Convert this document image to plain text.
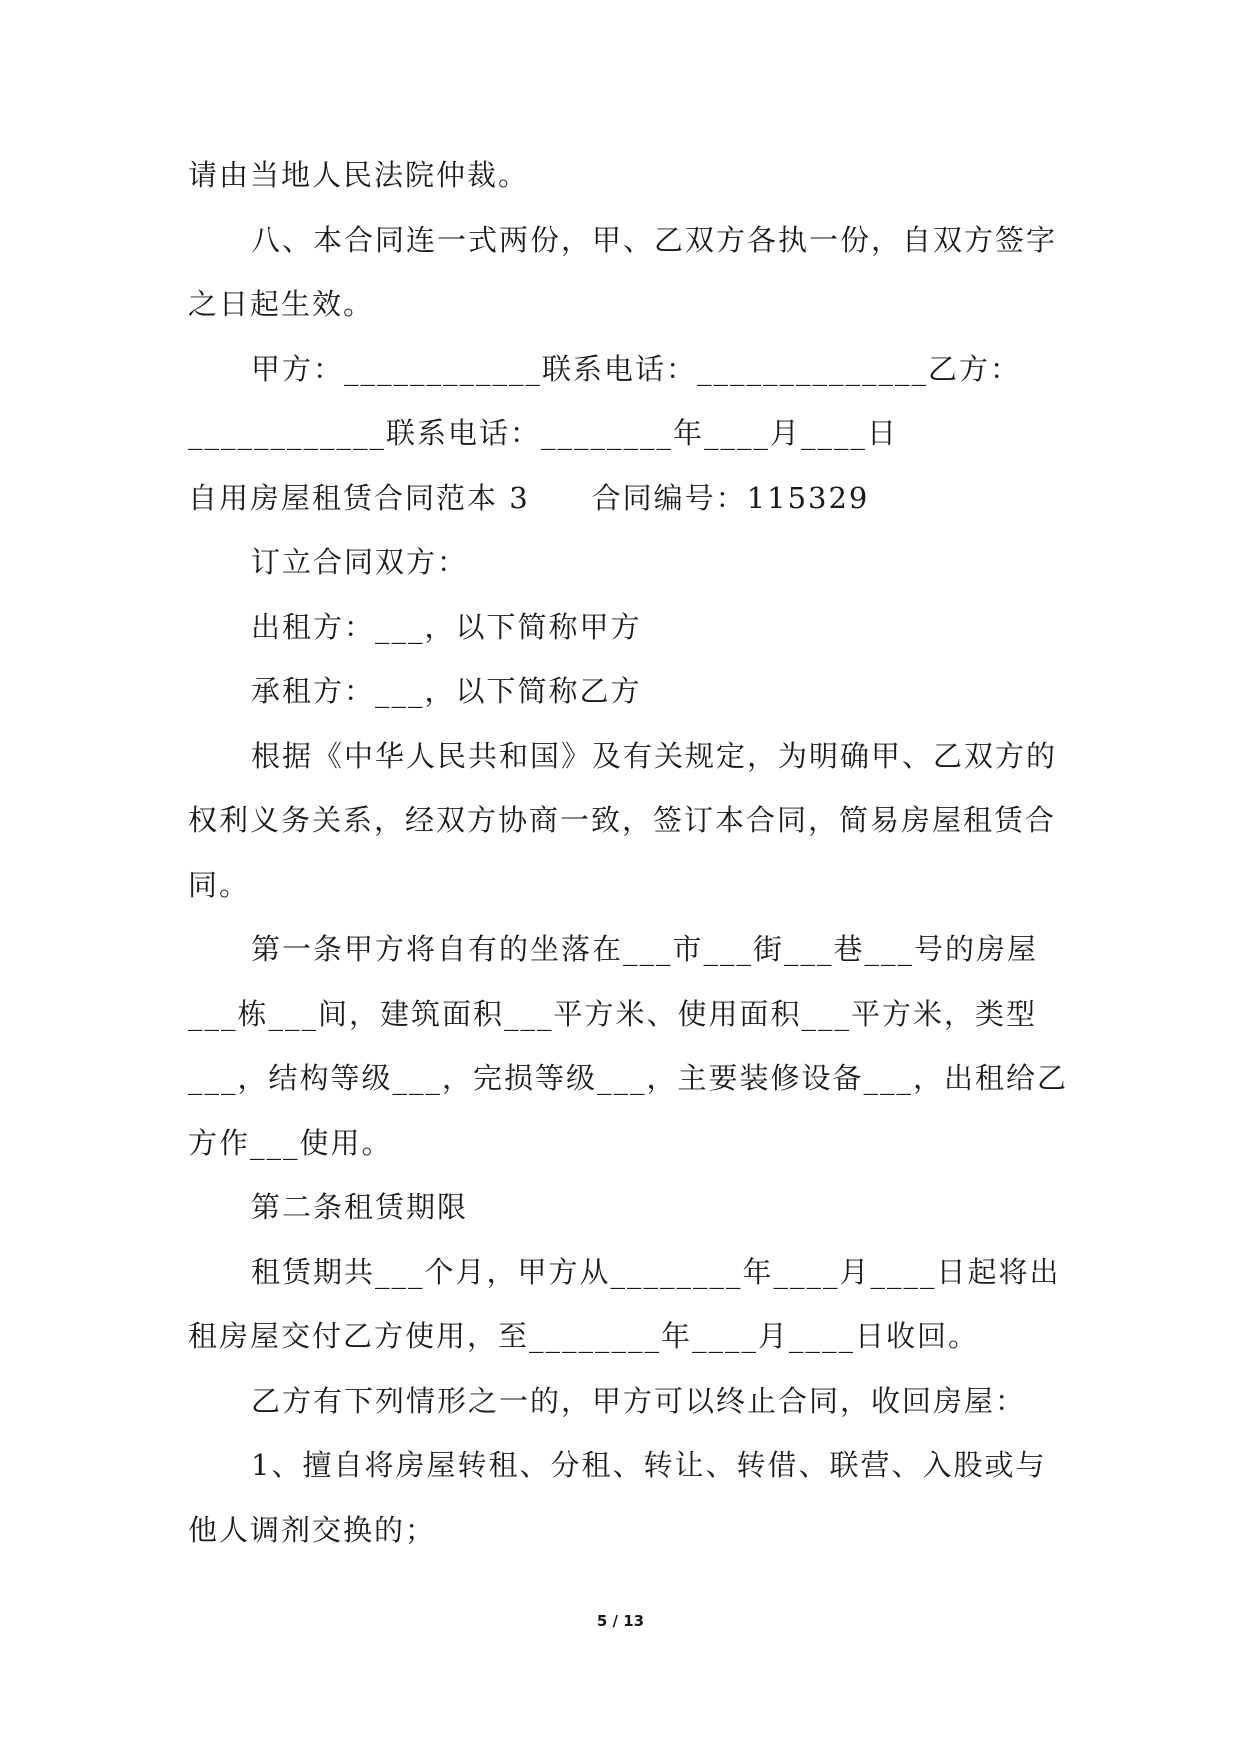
请由当地人民法院仲裁。
八、本合同连一式两份，甲、乙双方各执一份，自双方签字
之日起生效。
甲方：____________联系电话：______________乙方：
____________联系电话：________年____月____日
自用房屋租赁合同范本 3　　合同编号：115329
订立合同双方：
出租方：___，以下简称甲方
承租方：___，以下简称乙方
根据《中华人民共和国》及有关规定，为明确甲、乙双方的
权利义务关系，经双方协商一致，签订本合同，简易房屋租赁合
同。
第一条甲方将自有的坐落在___市___街___巷___号的房屋
___栋___间，建筑面积___平方米、使用面积___平方米，类型
___，结构等级___，完损等级___，主要装修设备___，出租给乙
方作___使用。
第二条租赁期限
租赁期共___个月，甲方从________年____月____日起将出
租房屋交付乙方使用，至________年____月____日收回。
乙方有下列情形之一的，甲方可以终止合同，收回房屋：
1、擅自将房屋转租、分租、转让、转借、联营、入股或与
他人调剂交换的；
5 / 13
